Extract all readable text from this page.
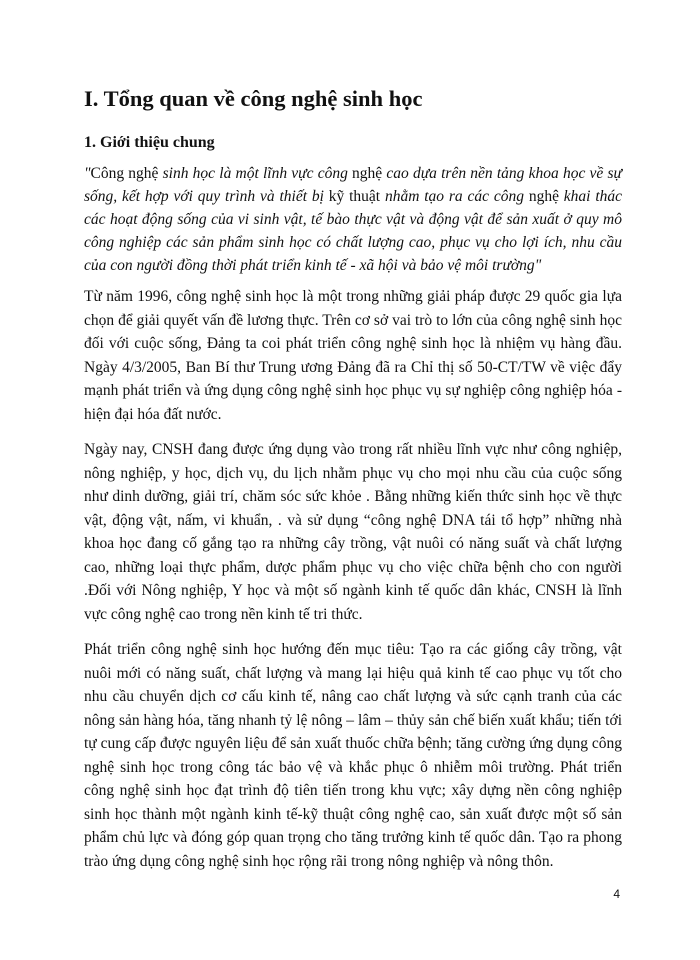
I. Tổng quan về công nghệ sinh học
1. Giới thiệu chung
"Công nghệ sinh học là một lĩnh vực công nghệ cao dựa trên nền tảng khoa học về sự sống, kết hợp với quy trình và thiết bị kỹ thuật nhằm tạo ra các công nghệ khai thác các hoạt động sống của vi sinh vật, tế bào thực vật và động vật để sản xuất ở quy mô công nghiệp các sản phẩm sinh học có chất lượng cao, phục vụ cho lợi ích, nhu cầu của con người đồng thời phát triển kinh tế - xã hội và bảo vệ môi trường"

Từ năm 1996, công nghệ sinh học là một trong những giải pháp được 29 quốc gia lựa chọn để giải quyết vấn đề lương thực. Trên cơ sở vai trò to lớn của công nghệ sinh học đối với cuộc sống, Đảng ta coi phát triển công nghệ sinh học là nhiệm vụ hàng đầu. Ngày 4/3/2005, Ban Bí thư Trung ương Đảng đã ra Chỉ thị số 50-CT/TW về việc đẩy mạnh phát triển và ứng dụng công nghệ sinh học phục vụ sự nghiệp công nghiệp hóa - hiện đại hóa đất nước.

Ngày nay, CNSH đang được ứng dụng vào trong rất nhiều lĩnh vực như công nghiệp, nông nghiệp, y học, dịch vụ, du lịch nhằm phục vụ cho mọi nhu cầu của cuộc sống như dinh dưỡng, giải trí, chăm sóc sức khỏe . Bằng những kiến thức sinh học về thực vật, động vật, nấm, vi khuẩn, . và sử dụng “công nghệ DNA tái tổ hợp” những nhà khoa học đang cố gắng tạo ra những cây trồng, vật nuôi có năng suất và chất lượng cao, những loại thực phẩm, dược phẩm phục vụ cho việc chữa bệnh cho con người .Đối với Nông nghiệp, Y học và một số ngành kinh tế quốc dân khác, CNSH là lĩnh vực công nghệ cao trong nền kinh tế tri thức.

Phát triển công nghệ sinh học hướng đến mục tiêu: Tạo ra các giống cây trồng, vật nuôi mới có năng suất, chất lượng và mang lại hiệu quả kinh tế cao phục vụ tốt cho nhu cầu chuyển dịch cơ cấu kinh tế, nâng cao chất lượng và sức cạnh tranh của các nông sản hàng hóa, tăng nhanh tỷ lệ nông – lâm – thủy sản chế biến xuất khẩu; tiến tới tự cung cấp được nguyên liệu để sản xuất thuốc chữa bệnh; tăng cường ứng dụng công nghệ sinh học trong công tác bảo vệ và khắc phục ô nhiễm môi trường. Phát triển công nghệ sinh học đạt trình độ tiên tiến trong khu vực; xây dựng nền công nghiệp sinh học thành một ngành kinh tế-kỹ thuật công nghệ cao, sản xuất được một số sản phẩm chủ lực và đóng góp quan trọng cho tăng trưởng kinh tế quốc dân. Tạo ra phong trào ứng dụng công nghệ sinh học rộng rãi trong nông nghiệp và nông thôn.

4
